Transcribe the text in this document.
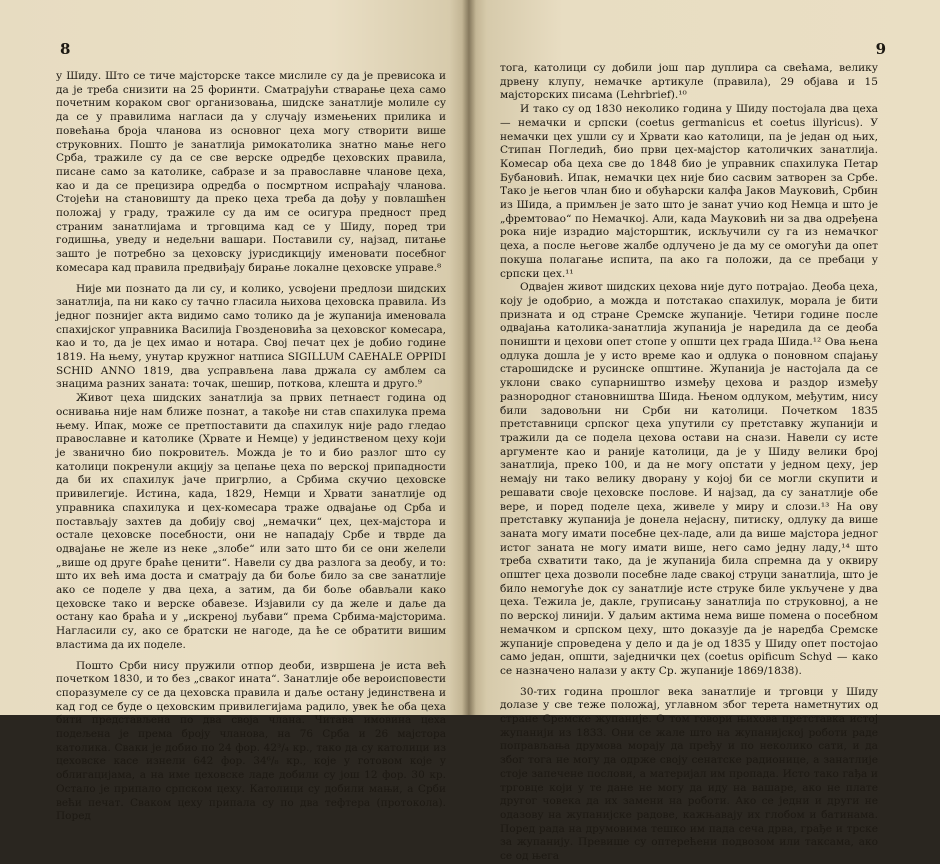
8

у Шиду. Што се тиче мајсторске таксе мислиле су да је превисока и да је требa снизити на 25 форинти. Сматрајући стварање цеха само почетним кораком свог организовања, шидске занатлије молиле су да се у правилима нагласи да у случају измењених прилика и повећања броја чланова из основног цеха могу створити више струковних. Пошто је занатлија римокатолика знатно мање него Срба, тражиле су да се све верске одредбе цеховских правила, писане само за католике, сабразе и за православне чланове цеха, као и да се прецизира одредба о посмртном испраћају чланова. Стојећи на становишту да преко цеха треба да дођу у повлашћен положај у граду, тражиле су да им се осигура предност пред страним занатлијама и трговцима кад се у Шиду, поред три годишња, уведу и недељни вашари. Поставили су, најзад, питање зашто је потребно за цеховску јурисдикцију именовати посебног комесара кад правила предвиђају бирање локалне цеховске управе.⁸

Није ми познато да ли су, и колико, усвојени предлози шидских занатлија, па ни како су тачно гласила њихова цеховска правила. Из једног познијег акта видимо само толико да је жупанија именовала спахијског управника Василија Гвозденовића за цеховског комесара, као и то, да је цех имао и нотара. Свој печат цех је добио године 1819. На њему, унутар кружног натписа SIGILLUM CAEHALE OPPIDI SCHID ANNO 1819, два усправљена лава држала су амблем са знацима разних заната: точак, шешир, поткова, клешта и друго.⁹

Живот цеха шидских занатлија за првих петнаест година од оснивања није нам ближе познат, а такође ни став спахилука према њему. Ипак, може се претпоставити да спахилук није радо гледао православне и католике (Хрвате и Немце) у јединственом цеху који је званично био покровитељ. Можда је то и био разлог што су католици покренули акцију за цепање цеха по верској припадности да би их спахилук јаче пригрлио, а Србима скучио цеховске привилегије. Истина, када, 1829, Немци и Хрвати занатлије од управника спахилука и цех-комесара траже одвајање од Срба и постављају захтев да добију свој „немачки“ цех, цех-мајстора и остале цеховске посебности, они не нападају Србе и тврде да одвајање не желе из неке „злобе“ или зато што би се они желели „више од друге браће ценити“. Навели су два разлога за деобу, и то: што их већ има доста и сматрају да би боље било за све занатлије ако се поделе у два цеха, а затим, да би боље обављали како цеховске тако и верске обавезе. Изјавили су да желе и даље да остану као браћа и у „искреној љубави“ према Србима-мајсторима. Нагласили су, ако се братски не нагоде, да ће се обратити вишим властима да их поделе.

Пошто Срби нису пружили отпор деоби, извршена је иста већ почетком 1830, и то без „сваког ината“. Занатлије обе вероисповести споразумеле су се да цеховска правила и даље остану јединствена и кад год се буде о цеховским привилегијама радило, увек ће оба цеха бити представљена по два своја члана. Читава имовина цеха подељена је према броју чланова, на 76 Срба и 26 мајстора католика. Сваки је добио по 24 фор. 42³/₄ кр., тако да су католици из цеховске касе изнели 642 фор. 34⁶/₈ кр., које у готовом које у облигацијама, а на име цеховске ладе добили су још 12 фор. 30 кр. Остало је припало српском цеху. Католици су добили мањи, а Срби већи печат. Сваком цеху припала су по два тефтера (протокола). Поред

9

тога, католици су добили још пар дуплира са свећама, велику дрвену клупу, немачке артикуле (правила), 29 објава и 15 мајсторских писама (Lehrbrief).¹⁰

И тако су од 1830 неколико година у Шиду постојала два цеха — немачки и српски (coetus germanicus et coetus illyricus). У немачки цех ушли су и Хрвати као католици, па је један од њих, Стипан Погледић, био први цех-мајстор католичких занатлија. Комесар оба цеха све до 1848 био је управник спахилука Петар Бубановић. Ипак, немачки цех није био сасвим затворен за Србе. Тако је његов члан био и обућарски калфа Јаков Мауковић, Србин из Шида, а примљен је зато што је занат учио код Немца и што је „фремтовао“ по Немачкој. Али, када Мауковић ни за два одређена рока није израдио мајсторштик, искључили су га из немачког цеха, а после његове жалбе одлучено је да му се омогући да опет покуша полагање испита, па ако га положи, да се пребаци у српски цех.¹¹

Одвајен живот шидских цехова није дуго потрајао. Деоба цеха, коју је одобрио, а можда и потстакао спахилук, морала је бити призната и од стране Сремске жупаније. Четири године после одвајања католика-занатлија жупанија је наредила да се деоба поништи и цехови опет стопе у општи цех града Шида.¹² Ова њена одлука дошла је у исто време као и одлука о поновном спајању старошидске и русинске општине. Жупанија је настојала да се уклони свако супарништво између цехова и раздор између разнородног становништва Шида. Њеном одлуком, међутим, нису били задовољни ни Срби ни католици. Почетком 1835 претставници српског цеха упутили су претставку жупанији и тражили да се подела цехова остави на снази. Навели су исте аргументе као и раније католици, да је у Шиду велики број занатлија, преко 100, и да не могу опстати у једном цеху, јер немају ни тако велику дворану у којој би се могли скупити и решавати своје цеховске послове. И најзад, да су занатлије обе вере, и поред поделе цеха, живеле у миру и слози.¹³ На ову претставку жупанија је донела неjасну, питиску, одлуку да више заната могу имати посебне цех-ладе, али да више мајстора једног истог заната не могу имати више, него само једну ладу,¹⁴ што треба схватити тако, да је жупанија била спремна да у оквиру општег цеха дозволи посебне ладе свакој струци занатлија, што је било немогуће док су занатлије исте струке биле укључене у два цеха. Тежила је, дакле, груписању занатлија по струковној, а не по верској линији. У даљим актима нема више помена о посебном немачком и српском цеху, што доказује да је наредба Сремске жупаније спроведена у дело и да је од 1835 у Шиду опет постојао само један, општи, заједнички цех (coetus opificum Schyd — како се назначено налази у акту Ср. жупаније 1869/1838).

30-тих година прошлог века занатлије и трговци у Шиду долазе у све теже положај, углавном због терета наметнутих од стране Сремске жупаније. О том говори њихова претставка истој жупанији из 1833. Они се жале што на жупанијској роботи раде поправљања друмова морају да пређу и по неколико сати, и да због тога не могу да одрже своју сенатске радионице, а занатлије стоје запечене послови, а материјал им пропада. Исто тако гађа и трговце који у те дане не могу да иду на вашаре, ако не плате другог човека да их замени на роботи. Ако се једни и други не одазову на жупанијске радове, кажњавају их глобом и батинама. Поред рада на друмовима тешко им пада сеча дрва, грађе и трске за жупанију. Превише су оптерећени подвозом или таксама, ако се од њега
